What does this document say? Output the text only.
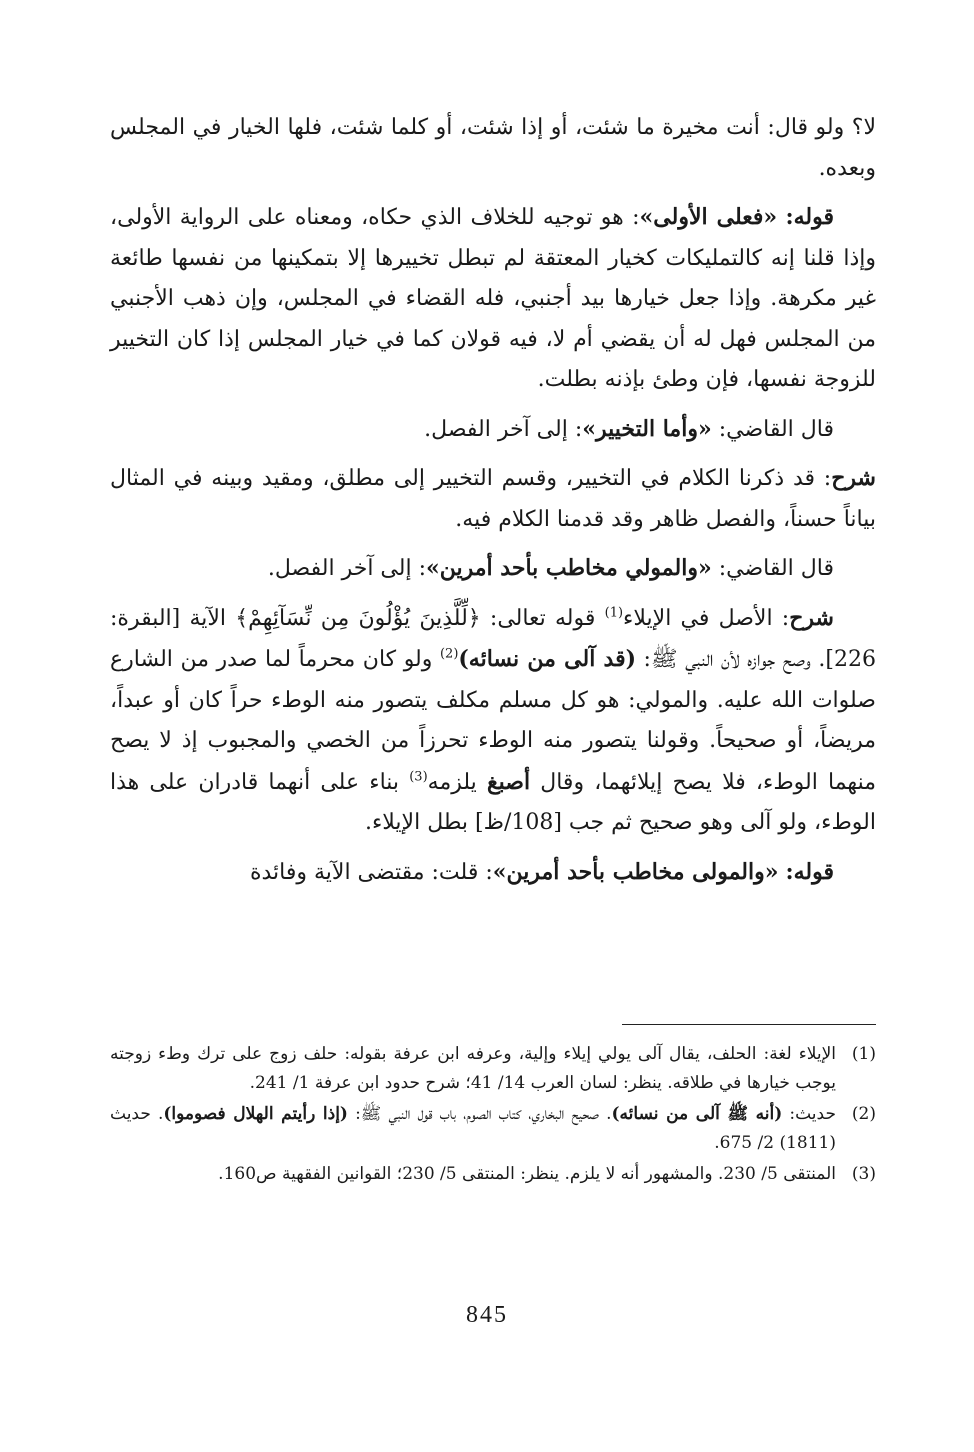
لا؟ ولو قال: أنت مخيرة ما شئت، أو إذا شئت، أو كلما شئت، فلها الخيار في المجلس وبعده.

قوله: «فعلى الأولى»: هو توجيه للخلاف الذي حكاه، ومعناه على الرواية الأولى، وإذا قلنا إنه كالتمليكات كخيار المعتقة لم تبطل تخييرها إلا بتمكينها من نفسها طائعة غير مكرهة. وإذا جعل خيارها بيد أجنبي، فله القضاء في المجلس، وإن ذهب الأجنبي من المجلس فهل له أن يقضي أم لا، فيه قولان كما في خيار المجلس إذا كان التخيير للزوجة نفسها، فإن وطئ بإذنه بطلت.

قال القاضي: «وأما التخيير»: إلى آخر الفصل.

شرح: قد ذكرنا الكلام في التخيير، وقسم التخيير إلى مطلق، ومقيد وبينه في المثال بياناً حسناً، والفصل ظاهر وقد قدمنا الكلام فيه.

قال القاضي: «والمولي مخاطب بأحد أمرين»: إلى آخر الفصل.

شرح: الأصل في الإيلاء$^{(1)}$ قوله تعالى: ﴿لِّلَّذِينَ يُؤْلُونَ مِن نِّسَآئِهِمْ﴾ الآية [البقرة: 226]. وصح جوازه لأن النبي ﷺ: (قد آلى من نسائه)$^{(2)}$ ولو كان محرماً لما صدر من الشارع صلوات الله عليه. والمولي: هو كل مسلم مكلف يتصور منه الوطء حراً كان أو عبداً، مريضاً، أو صحيحاً. وقولنا يتصور منه الوطء تحرزاً من الخصي والمجبوب إذ لا يصح منهما الوطء، فلا يصح إيلائهما، وقال أصبغ يلزمه$^{(3)}$ بناء على أنهما قادران على هذا الوطء، ولو آلى وهو صحيح ثم جب [108/ظ] بطل الإيلاء.

قوله: «والمولى مخاطب بأحد أمرين»: قلت: مقتضى الآية وفائدة

(1)
الإيلاء لغة: الحلف، يقال آلى يولي إيلاء وإلية، وعرفه ابن عرفة بقوله: حلف زوج على ترك وطء زوجته يوجب خيارها في طلاقه. ينظر: لسان العرب 14/ 41؛ شرح حدود ابن عرفة 1/ 241.
(2)
حديث: (أنه ﷺ آلى من نسائه). صحيح البخاري، كتاب الصوم، باب قول النبي ﷺ: (إذا رأيتم الهلال فصوموا). حديث (1811) 2/ 675.
(3)
المنتقى 5/ 230. والمشهور أنه لا يلزم. ينظر: المنتقى 5/ 230؛ القوانين الفقهية ص160.
845
